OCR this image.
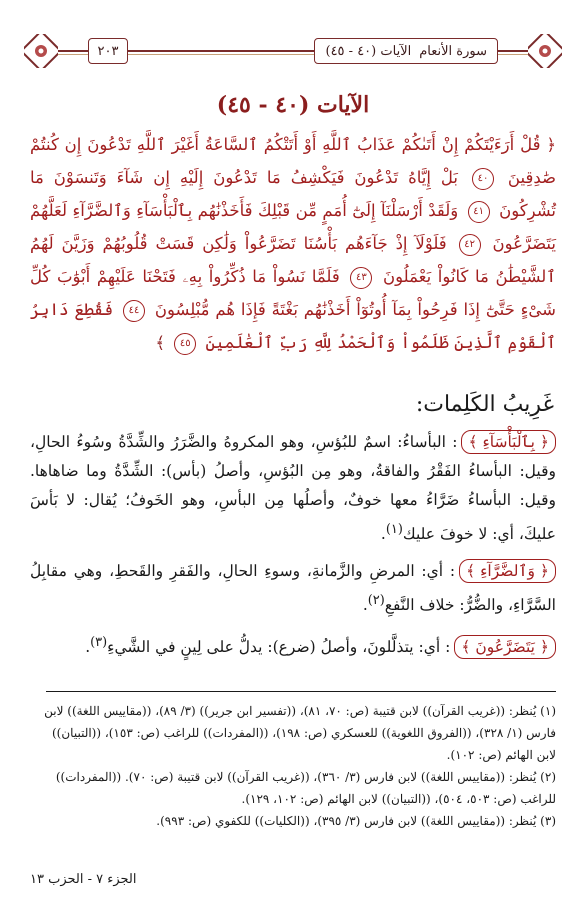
سورة الأنعام
الآيات (٤٠ - ٤٥)
٢٠٣
الآيات (٤٠ - ٤٥)
﴿ قُلْ أَرَءَيْتَكُمْ إِنْ أَتَىٰكُمْ عَذَابُ ٱللَّهِ أَوْ أَتَتْكُمُ ٱلسَّاعَةُ أَغَيْرَ ٱللَّهِ تَدْعُونَ إِن كُنتُمْ صَٰدِقِينَ ٤٠ بَلْ إِيَّاهُ تَدْعُونَ فَيَكْشِفُ مَا تَدْعُونَ إِلَيْهِ إِن شَآءَ وَتَنسَوْنَ مَا تُشْرِكُونَ ٤١ وَلَقَدْ أَرْسَلْنَآ إِلَىٰٓ أُمَمٍ مِّن قَبْلِكَ فَأَخَذْنَٰهُم بِٱلْبَأْسَآءِ وَٱلضَّرَّآءِ لَعَلَّهُمْ يَتَضَرَّعُونَ ٤٢ فَلَوْلَآ إِذْ جَآءَهُم بَأْسُنَا تَضَرَّعُواْ وَلَٰكِن قَسَتْ قُلُوبُهُمْ وَزَيَّنَ لَهُمُ ٱلشَّيْطَٰنُ مَا كَانُواْ يَعْمَلُونَ ٤٣ فَلَمَّا نَسُواْ مَا ذُكِّرُواْ بِهِۦ فَتَحْنَا عَلَيْهِمْ أَبْوَٰبَ كُلِّ شَىْءٍ حَتَّىٰٓ إِذَا فَرِحُواْ بِمَآ أُوتُوٓاْ أَخَذْنَٰهُم بَغْتَةً فَإِذَا هُم مُّبْلِسُونَ ٤٤ فَقُطِعَ دَابِرُ ٱلْقَوْمِ ٱلَّذِينَ ظَلَمُواْ وَٱلْحَمْدُ لِلَّهِ رَبِّ ٱلْعَٰلَمِينَ ٤٥ ﴾
غَرِيبُ الكَلِمات:

﴿ بِٱلْبَأْسَآءِ ﴾: البأساءُ: اسمٌ للبُؤسِ، وهو المكروهُ والضَّرَرُ والشِّدَّةُ وسُوءُ الحالِ، وقيل: البأساءُ الفَقْرُ والفاقةُ، وهو مِن البُؤسِ، وأصلُ (بأس): الشِّدَّةُ وما ضاهاها. وقيل: البأساءُ ضَرَّاءُ معها خوفٌ، وأصلُها مِن البأسِ، وهو الخَوفُ؛ يُقال: لا بَأسَ عليكَ، أي: لا خوفَ عليك$^{(١)}$.

﴿ وَٱلضَّرَّآءِ ﴾: أي: المرضِ والزَّمانةِ، وسوءِ الحالِ، والفَقرِ والقَحطِ، وهي مقابِلُ السَّرَّاءِ، والضُّرُّ: خلاف النَّفعِ$^{(٢)}$.

﴿ يَتَضَرَّعُونَ ﴾: أي: يتذلَّلونَ، وأصلُ (ضرع): يدلُّ على لِينٍ في الشَّيءِ$^{(٣)}$.

(١) يُنظر: ((غريب القرآن)) لابن قتيبة (ص: ٧٠، ٨١)، ((تفسير ابن جرير)) (٣/ ٨٩)، ((مقاييس اللغة)) لابن فارس (١/ ٣٢٨)، ((الفروق اللغوية)) للعسكري (ص: ١٩٨)، ((المفردات)) للراغب (ص: ١٥٣)، ((التبيان)) لابن الهائم (ص: ١٠٢).

(٢) يُنظر: ((مقاييس اللغة)) لابن فارس (٣/ ٣٦٠)، ((غريب القرآن)) لابن قتيبة (ص: ٧٠). ((المفردات)) للراغب (ص: ٥٠٣، ٥٠٤)، ((التبيان)) لابن الهائم (ص: ١٠٢، ١٢٩).

(٣) يُنظر: ((مقاييس اللغة)) لابن فارس (٣/ ٣٩٥)، ((الكليات)) للكفوي (ص: ٩٩٣).

الجزء ٧ - الحزب ١٣
